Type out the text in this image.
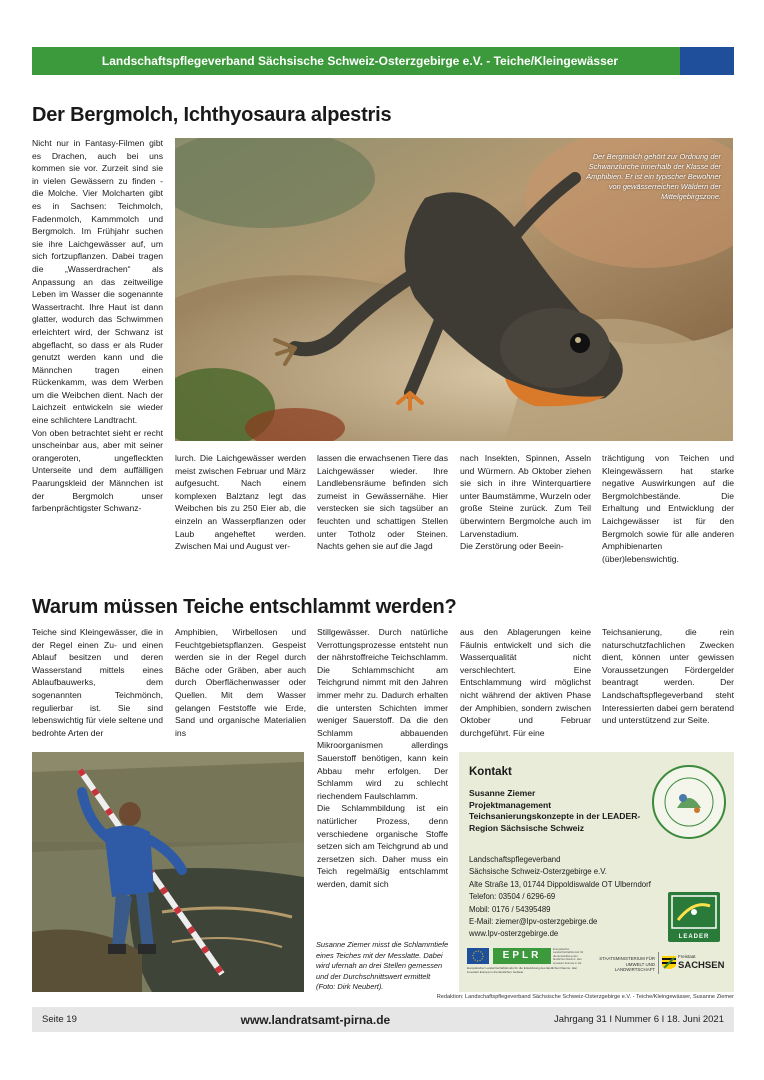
Landschaftspflegeverband Sächsische Schweiz-Osterzgebirge e.V. - Teiche/Kleingewässer
Der Bergmolch, Ichthyosaura alpestris
Nicht nur in Fantasy-Filmen gibt es Drachen, auch bei uns kommen sie vor. Zurzeit sind sie in vielen Gewässern zu finden - die Molche. Vier Molcharten gibt es in Sachsen: Teichmolch, Fadenmolch, Kammmolch und Bergmolch. Im Frühjahr suchen sie ihre Laichgewässer auf, um sich fortzupflanzen. Dabei tragen die „Wasserdrachen“ als Anpassung an das zeitweilige Leben im Wasser die sogenannte Wassertracht. Ihre Haut ist dann glatter, wodurch das Schwimmen erleichtert wird, der Schwanz ist abgeflacht, so dass er als Ruder genutzt werden kann und die Männchen tragen einen Rückenkamm, was dem Werben um die Weibchen dient. Nach der Laichzeit entwickeln sie wieder eine schlichtere Landtracht.
Von oben betrachtet sieht er recht unscheinbar aus, aber mit seiner orangeroten, ungefleckten Unterseite und dem auffälligen Paarungskleid der Männchen ist der Bergmolch unser farbenprächtigster Schwanz-
Der Bergmolch gehört zur Ordnung der Schwanzlurche innerhalb der Klasse der Amphibien. Er ist ein typischer Bewohner von gewässerreichen Wäldern der Mittelgebirgszone.
lurch. Die Laichgewässer werden meist zwischen Februar und März aufgesucht. Nach einem komplexen Balztanz legt das Weibchen bis zu 250 Eier ab, die einzeln an Wasserpflanzen oder Laub angeheftet werden. Zwischen Mai und August ver-
lassen die erwachsenen Tiere das Laichgewässer wieder. Ihre Landlebensräume befinden sich zumeist in Gewässernähe. Hier verstecken sie sich tagsüber an feuchten und schattigen Stellen unter Totholz oder Steinen. Nachts gehen sie auf die Jagd
nach Insekten, Spinnen, Asseln und Würmern. Ab Oktober ziehen sie sich in ihre Winterquartiere unter Baumstämme, Wurzeln oder große Steine zurück. Zum Teil überwintern Bergmolche auch im Larvenstadium.
Die Zerstörung oder Beein-
trächtigung von Teichen und Kleingewässern hat starke negative Auswirkungen auf die Bergmolchbestände. Die Erhaltung und Entwicklung der Laichgewässer ist für den Bergmolch sowie für alle anderen Amphibienarten (über)lebenswichtig.
Warum müssen Teiche entschlammt werden?
Teiche sind Kleingewässer, die in der Regel einen Zu- und einen Ablauf besitzen und deren Wasserstand mittels eines Ablaufbauwerks, dem sogenannten Teichmönch, regulierbar ist. Sie sind lebenswichtig für viele seltene und bedrohte Arten der
Amphibien, Wirbellosen und Feuchtgebietspflanzen. Gespeist werden sie in der Regel durch Bäche oder Gräben, aber auch durch Oberflächenwasser oder Quellen. Mit dem Wasser gelangen Feststoffe wie Erde, Sand und organische Materialien ins
Stillgewässer. Durch natürliche Verrottungsprozesse entsteht nun der nährstoffreiche Teichschlamm. Die Schlammschicht am Teichgrund nimmt mit den Jahren immer mehr zu. Dadurch erhalten die untersten Schichten immer weniger Sauerstoff. Da die den Schlamm abbauenden Mikroorganismen allerdings Sauerstoff benötigen, kann kein Abbau mehr erfolgen. Der Schlamm wird zu schlecht riechendem Faulschlamm.
Die Schlammbildung ist ein natürlicher Prozess, denn verschiedene organische Stoffe setzen sich am Teichgrund ab und zersetzen sich. Daher muss ein Teich regelmäßig entschlammt werden, damit sich
aus den Ablagerungen keine Fäulnis entwickelt und sich die Wasserqualität nicht verschlechtert. Eine Entschlammung wird möglichst nicht während der aktiven Phase der Amphibien, sondern zwischen Oktober und Februar durchgeführt. Für eine
Teichsanierung, die rein naturschutzfachlichen Zwecken dient, können unter gewissen Voraussetzungen Fördergelder beantragt werden. Der Landschaftspflegeverband steht Interessierten dabei gern beratend und unterstützend zur Seite.
Susanne Ziemer misst die Schlammtiefe eines Teiches mit der Messlatte. Dabei wird ufernah an drei Stellen gemessen und der Durchschnittswert ermittelt (Foto: Dirk Neubert).
Kontakt
Susanne Ziemer
Projektmanagement
Teichsanierungskonzepte in der LEADER-Region Sächsische Schweiz
Landschaftspflegeverband
Sächsische Schweiz-Osterzgebirge e.V.
Alte Straße 13, 01744 Dippoldiswalde OT Ulberndorf
Telefon: 03504 / 6296-69
Mobil: 0176 / 54395489
E-Mail: ziemer@lpv-osterzgebirge.de
www.lpv-osterzgebirge.de	LEADER
EPLR
Europäischer Landwirtschaftsfonds für die Entwicklung des ländlichen Raums: Hier investiert Europa in die
Europäischer Landwirtschaftsfonds für die Entwicklung des ländlichen Raums: Hier investiert Europa in die ländlichen Gebiete
STAATSMINISTERIUM FÜR UMWELT UND LANDWIRTSCHAFT
Freistaat
SACHSEN
Redaktion: Landschaftspflegeverband Sächsische Schweiz-Osterzgebirge e.V. - Teiche/Kleingewässer, Susanne Ziemer
Seite 19	www.landratsamt-pirna.de	Jahrgang 31 I Nummer 6 I 18. Juni 2021
